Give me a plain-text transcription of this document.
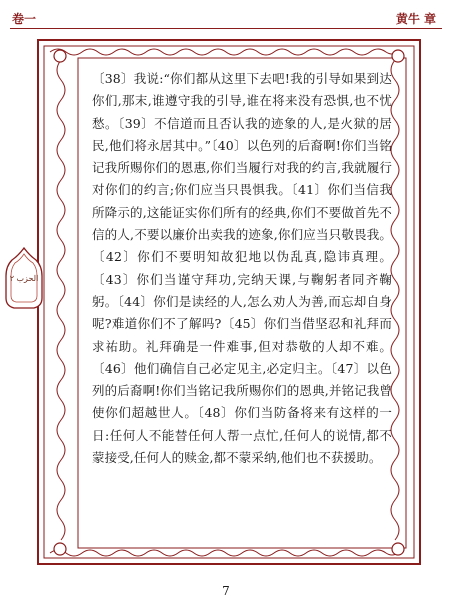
卷一	黄牛 章
الحزب ٢

〔38〕我说:“你们都从这里下去吧!我的引导如果到达你们,那末,谁遵守我的引导,谁在将来没有恐惧,也不忧愁。〔39〕不信道而且否认我的迹象的人,是火狱的居民,他们将永居其中。”〔40〕以色列的后裔啊!你们当铭记我所赐你们的恩惠,你们当履行对我的约言,我就履行对你们的约言;你们应当只畏惧我。〔41〕你们当信我所降示的,这能证实你们所有的经典,你们不要做首先不信的人,不要以廉价出卖我的迹象,你们应当只敬畏我。〔42〕你们不要明知故犯地以伪乱真,隐讳真理。〔43〕你们当谨守拜功,完纳天课,与鞠躬者同齐鞠躬。〔44〕你们是读经的人,怎么劝人为善,而忘却自身呢?难道你们不了解吗?〔45〕你们当借坚忍和礼拜而求祐助。礼拜确是一件难事,但对恭敬的人却不难。〔46〕他们确信自己必定见主,必定归主。〔47〕以色列的后裔啊!你们当铭记我所赐你们的恩典,并铭记我曾使你们超越世人。〔48〕你们当防备将来有这样的一日:任何人不能替任何人帮一点忙,任何人的说情,都不蒙接受,任何人的赎金,都不蒙采纳,他们也不获援助。

7
